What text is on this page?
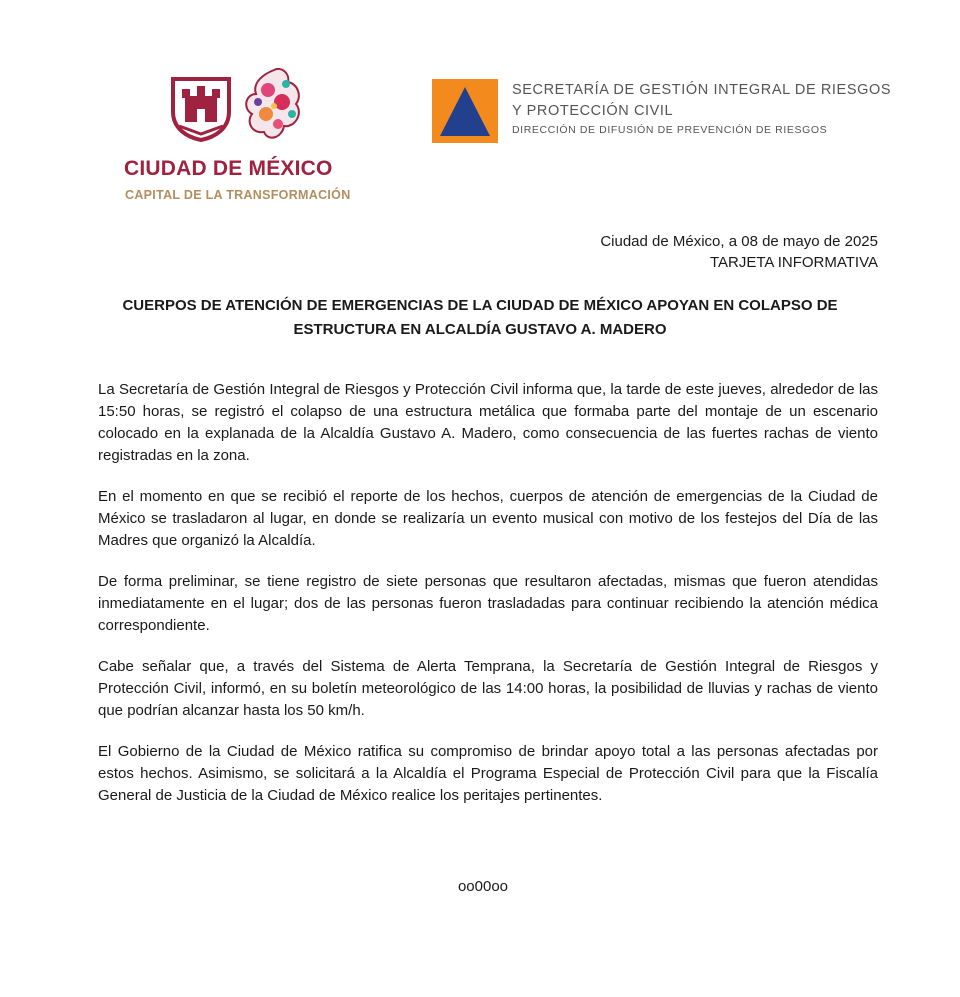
CIUDAD DE MÉXICO
CAPITAL DE LA TRANSFORMACIÓN
SECRETARÍA DE GESTIÓN INTEGRAL DE RIESGOS
Y PROTECCIÓN CIVIL
DIRECCIÓN DE DIFUSIÓN DE PREVENCIÓN DE RIESGOS
Ciudad de México, a 08 de mayo de 2025
TARJETA INFORMATIVA
CUERPOS DE ATENCIÓN DE EMERGENCIAS DE LA CIUDAD DE MÉXICO APOYAN EN COLAPSO DE
ESTRUCTURA EN ALCALDÍA GUSTAVO A. MADERO

La Secretaría de Gestión Integral de Riesgos y Protección Civil informa que, la tarde de este jueves, alrededor de las 15:50 horas, se registró el colapso de una estructura metálica que formaba parte del montaje de un escenario colocado en la explanada de la Alcaldía Gustavo A. Madero, como consecuencia de las fuertes rachas de viento registradas en la zona.

En el momento en que se recibió el reporte de los hechos, cuerpos de atención de emergencias de la Ciudad de México se trasladaron al lugar, en donde se realizaría un evento musical con motivo de los festejos del Día de las Madres que organizó la Alcaldía.

De forma preliminar, se tiene registro de siete personas que resultaron afectadas, mismas que fueron atendidas inmediatamente en el lugar; dos de las personas fueron trasladadas para continuar recibiendo la atención médica correspondiente.

Cabe señalar que, a través del Sistema de Alerta Temprana, la Secretaría de Gestión Integral de Riesgos y Protección Civil, informó, en su boletín meteorológico de las 14:00 horas, la posibilidad de lluvias y rachas de viento que podrían alcanzar hasta los 50 km/h.

El Gobierno de la Ciudad de México ratifica su compromiso de brindar apoyo total a las personas afectadas por estos hechos. Asimismo, se solicitará a la Alcaldía el Programa Especial de Protección Civil para que la Fiscalía General de Justicia de la Ciudad de México realice los peritajes pertinentes.

oo00oo
